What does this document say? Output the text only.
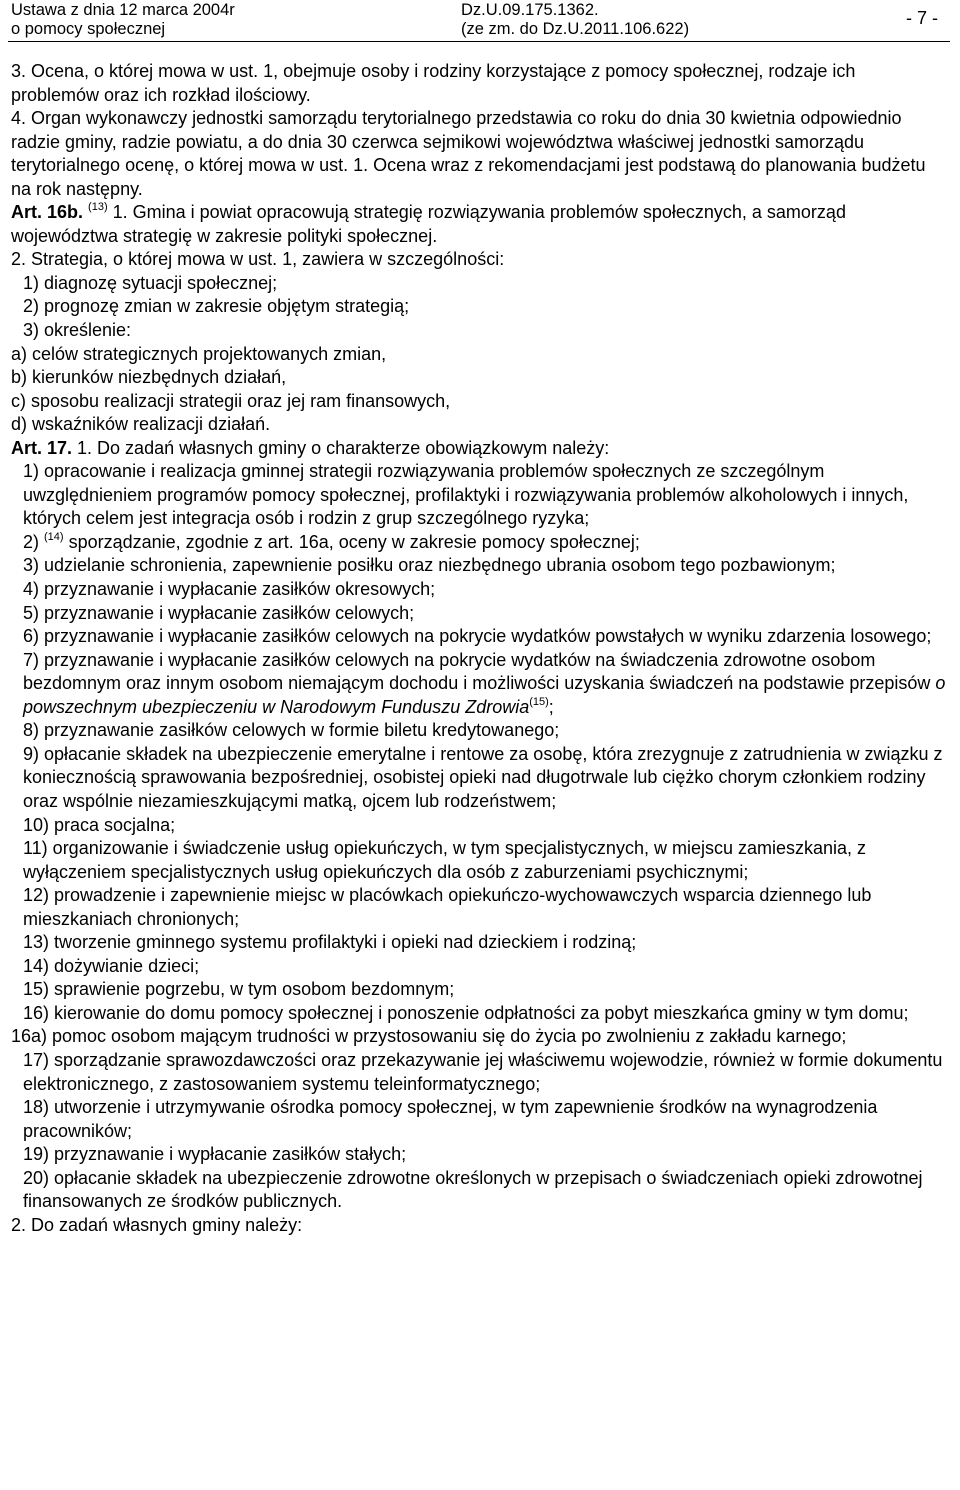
Ustawa z dnia 12 marca 2004r
o pomocy społecznej
Dz.U.09.175.1362.
(ze zm. do Dz.U.2011.106.622)
- 7 -

3. Ocena, o której mowa w ust. 1, obejmuje osoby i rodziny korzystające z pomocy społecznej, rodzaje ich problemów oraz ich rozkład ilościowy.

4. Organ wykonawczy jednostki samorządu terytorialnego przedstawia co roku do dnia 30 kwietnia odpowiednio radzie gminy, radzie powiatu, a do dnia 30 czerwca sejmikowi województwa właściwej jednostki samorządu terytorialnego ocenę, o której mowa w ust. 1. Ocena wraz z rekomendacjami jest podstawą do planowania budżetu na rok następny.

Art. 16b. $^{(13)}$ 1. Gmina i powiat opracowują strategię rozwiązywania problemów społecznych, a samorząd województwa strategię w zakresie polityki społecznej.

2. Strategia, o której mowa w ust. 1, zawiera w szczególności:

1) diagnozę sytuacji społecznej;

2) prognozę zmian w zakresie objętym strategią;

3) określenie:

a) celów strategicznych projektowanych zmian,

b) kierunków niezbędnych działań,

c) sposobu realizacji strategii oraz jej ram finansowych,

d) wskaźników realizacji działań.

Art. 17. 1. Do zadań własnych gminy o charakterze obowiązkowym należy:

1) opracowanie i realizacja gminnej strategii rozwiązywania problemów społecznych ze szczególnym uwzględnieniem programów pomocy społecznej, profilaktyki i rozwiązywania problemów alkoholowych i innych, których celem jest integracja osób i rodzin z grup szczególnego ryzyka;

2) $^{(14)}$ sporządzanie, zgodnie z art. 16a, oceny w zakresie pomocy społecznej;

3) udzielanie schronienia, zapewnienie posiłku oraz niezbędnego ubrania osobom tego pozbawionym;

4) przyznawanie i wypłacanie zasiłków okresowych;

5) przyznawanie i wypłacanie zasiłków celowych;

6) przyznawanie i wypłacanie zasiłków celowych na pokrycie wydatków powstałych w wyniku zdarzenia losowego;

7) przyznawanie i wypłacanie zasiłków celowych na pokrycie wydatków na świadczenia zdrowotne osobom bezdomnym oraz innym osobom niemającym dochodu i możliwości uzyskania świadczeń na podstawie przepisów o powszechnym ubezpieczeniu w Narodowym Funduszu Zdrowia$^{(15)}$;

8) przyznawanie zasiłków celowych w formie biletu kredytowanego;

9) opłacanie składek na ubezpieczenie emerytalne i rentowe za osobę, która zrezygnuje z zatrudnienia w związku z koniecznością sprawowania bezpośredniej, osobistej opieki nad długotrwale lub ciężko chorym członkiem rodziny oraz wspólnie niezamieszkującymi matką, ojcem lub rodzeństwem;

10) praca socjalna;

11) organizowanie i świadczenie usług opiekuńczych, w tym specjalistycznych, w miejscu zamieszkania, z wyłączeniem specjalistycznych usług opiekuńczych dla osób z zaburzeniami psychicznymi;

12) prowadzenie i zapewnienie miejsc w placówkach opiekuńczo-wychowawczych wsparcia dziennego lub mieszkaniach chronionych;

13) tworzenie gminnego systemu profilaktyki i opieki nad dzieckiem i rodziną;

14) dożywianie dzieci;

15) sprawienie pogrzebu, w tym osobom bezdomnym;

16) kierowanie do domu pomocy społecznej i ponoszenie odpłatności za pobyt mieszkańca gminy w tym domu;

16a) pomoc osobom mającym trudności w przystosowaniu się do życia po zwolnieniu z zakładu karnego;

17) sporządzanie sprawozdawczości oraz przekazywanie jej właściwemu wojewodzie, również w formie dokumentu elektronicznego, z zastosowaniem systemu teleinformatycznego;

18) utworzenie i utrzymywanie ośrodka pomocy społecznej, w tym zapewnienie środków na wynagrodzenia pracowników;

19) przyznawanie i wypłacanie zasiłków stałych;

20) opłacanie składek na ubezpieczenie zdrowotne określonych w przepisach o świadczeniach opieki zdrowotnej finansowanych ze środków publicznych.

2. Do zadań własnych gminy należy:
